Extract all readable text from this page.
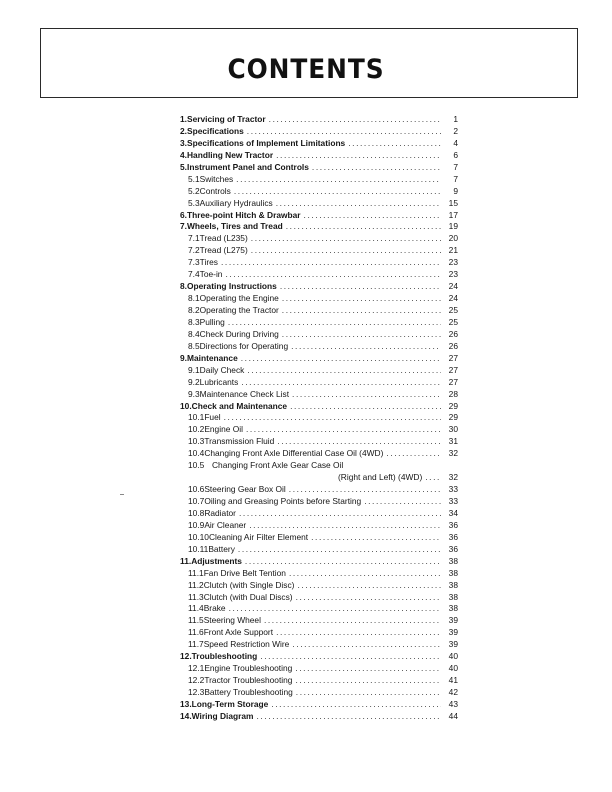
CONTENTS
1. Servicing of Tractor .....	1
2. Specifications .....	2
3. Specifications of Implement Limitations .....	4
4. Handling New Tractor .....	6
5. Instrument Panel and Controls .....	7
5.1 Switches .....	7
5.2 Controls .....	9
5.3 Auxiliary Hydraulics .....	15
6. Three-point Hitch & Drawbar .....	17
7. Wheels, Tires and Tread .....	19
7.1 Tread (L235) .....	20
7.2 Tread (L275) .....	21
7.3 Tires .....	23
7.4 Toe-in .....	23
8. Operating Instructions .....	24
8.1 Operating the Engine .....	24
8.2 Operating the Tractor .....	25
8.3 Pulling .....	25
8.4 Check During Driving .....	26
8.5 Directions for Operating .....	26
9. Maintenance .....	27
9.1 Daily Check .....	27
9.2 Lubricants .....	27
9.3 Maintenance Check List .....	28
10. Check and Maintenance .....	29
10.1 Fuel .....	29
10.2 Engine Oil .....	30
10.3 Transmission Fluid .....	31
10.4 Changing Front Axle Differential Case Oil (4WD) .....	32
10.5 Changing Front Axle Gear Case Oil
(Right and Left) (4WD) .....	32
10.6 Steering Gear Box Oil .....	33
10.7 Oiling and Greasing Points before Starting .....	33
10.8 Radiator .....	34
10.9 Air Cleaner .....	36
10.10 Cleaning Air Filter Element .....	36
10.11 Battery .....	36
11. Adjustments .....	38
11.1 Fan Drive Belt Tention .....	38
11.2 Clutch (with Single Disc) .....	38
11.3 Clutch (with Dual Discs) .....	38
11.4 Brake .....	38
11.5 Steering Wheel .....	39
11.6 Front Axle Support .....	39
11.7 Speed Restriction Wire .....	39
12. Troubleshooting .....	40
12.1 Engine Troubleshooting .....	40
12.2 Tractor Troubleshooting .....	41
12.3 Battery Troubleshooting .....	42
13. Long-Term Storage .....	43
14. Wiring Diagram .....	44
